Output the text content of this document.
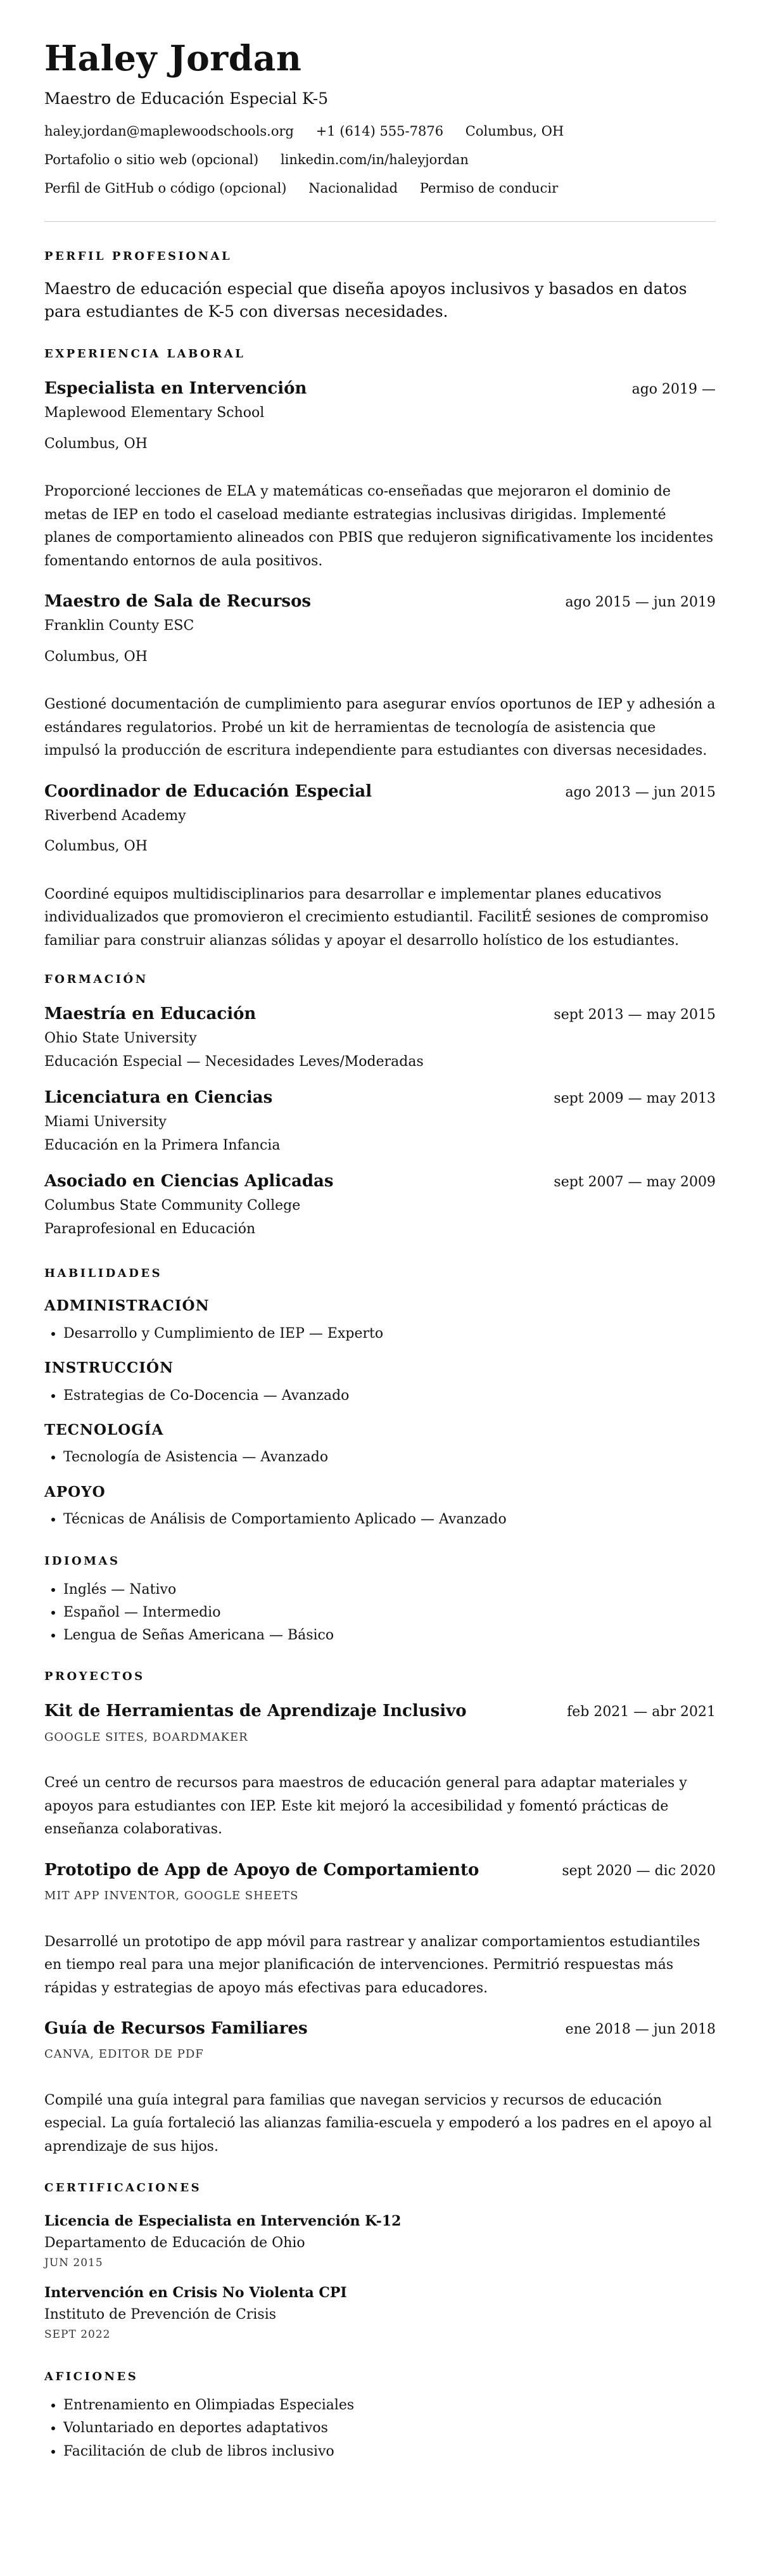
Haley Jordan
Maestro de Educación Especial K-5
haley.jordan@maplewoodschools.org +1 (614) 555-7876 Columbus, OH
Portafolio o sitio web (opcional) linkedin.com/in/haleyjordan
Perfil de GitHub o código (opcional) Nacionalidad Permiso de conducir
PERFIL PROFESIONAL

Maestro de educación especial que diseña apoyos inclusivos y basados en datos para estudiantes de K-5 con diversas necesidades.

EXPERIENCIA LABORAL
Especialista en Intervención	ago 2019 —
Maplewood Elementary School
Columbus, OH

Proporcioné lecciones de ELA y matemáticas co-enseñadas que mejoraron el dominio de metas de IEP en todo el caseload mediante estrategias inclusivas dirigidas. Implementé planes de comportamiento alineados con PBIS que redujeron significativamente los incidentes fomentando entornos de aula positivos.

Maestro de Sala de Recursos	ago 2015 — jun 2019
Franklin County ESC
Columbus, OH

Gestioné documentación de cumplimiento para asegurar envíos oportunos de IEP y adhesión a estándares regulatorios. Probé un kit de herramientas de tecnología de asistencia que impulsó la producción de escritura independiente para estudiantes con diversas necesidades.

Coordinador de Educación Especial	ago 2013 — jun 2015
Riverbend Academy
Columbus, OH

Coordiné equipos multidisciplinarios para desarrollar e implementar planes educativos individualizados que promovieron el crecimiento estudiantil. FacilitÉ sesiones de compromiso familiar para construir alianzas sólidas y apoyar el desarrollo holístico de los estudiantes.

FORMACIÓN
Maestría en Educación	sept 2013 — may 2015
Ohio State University
Educación Especial — Necesidades Leves/Moderadas
Licenciatura en Ciencias	sept 2009 — may 2013
Miami University
Educación en la Primera Infancia
Asociado en Ciencias Aplicadas	sept 2007 — may 2009
Columbus State Community College
Paraprofesional en Educación
HABILIDADES
ADMINISTRACIÓN
• Desarrollo y Cumplimiento de IEP — Experto
INSTRUCCIÓN
• Estrategias de Co-Docencia — Avanzado
TECNOLOGÍA
• Tecnología de Asistencia — Avanzado
APOYO
• Técnicas de Análisis de Comportamiento Aplicado — Avanzado
IDIOMAS
• Inglés — Nativo
• Español — Intermedio
• Lengua de Señas Americana — Básico
PROYECTOS
Kit de Herramientas de Aprendizaje Inclusivo	feb 2021 — abr 2021
GOOGLE SITES, BOARDMAKER

Creé un centro de recursos para maestros de educación general para adaptar materiales y apoyos para estudiantes con IEP. Este kit mejoró la accesibilidad y fomentó prácticas de enseñanza colaborativas.

Prototipo de App de Apoyo de Comportamiento	sept 2020 — dic 2020
MIT APP INVENTOR, GOOGLE SHEETS

Desarrollé un prototipo de app móvil para rastrear y analizar comportamientos estudiantiles en tiempo real para una mejor planificación de intervenciones. Permitrió respuestas más rápidas y estrategias de apoyo más efectivas para educadores.

Guía de Recursos Familiares	ene 2018 — jun 2018
CANVA, EDITOR DE PDF

Compilé una guía integral para familias que navegan servicios y recursos de educación especial. La guía fortaleció las alianzas familia-escuela y empoderó a los padres en el apoyo al aprendizaje de sus hijos.

CERTIFICACIONES
Licencia de Especialista en Intervención K-12
Departamento de Educación de Ohio
JUN 2015
Intervención en Crisis No Violenta CPI
Instituto de Prevención de Crisis
SEPT 2022
AFICIONES
• Entrenamiento en Olimpiadas Especiales
• Voluntariado en deportes adaptativos
• Facilitación de club de libros inclusivo
